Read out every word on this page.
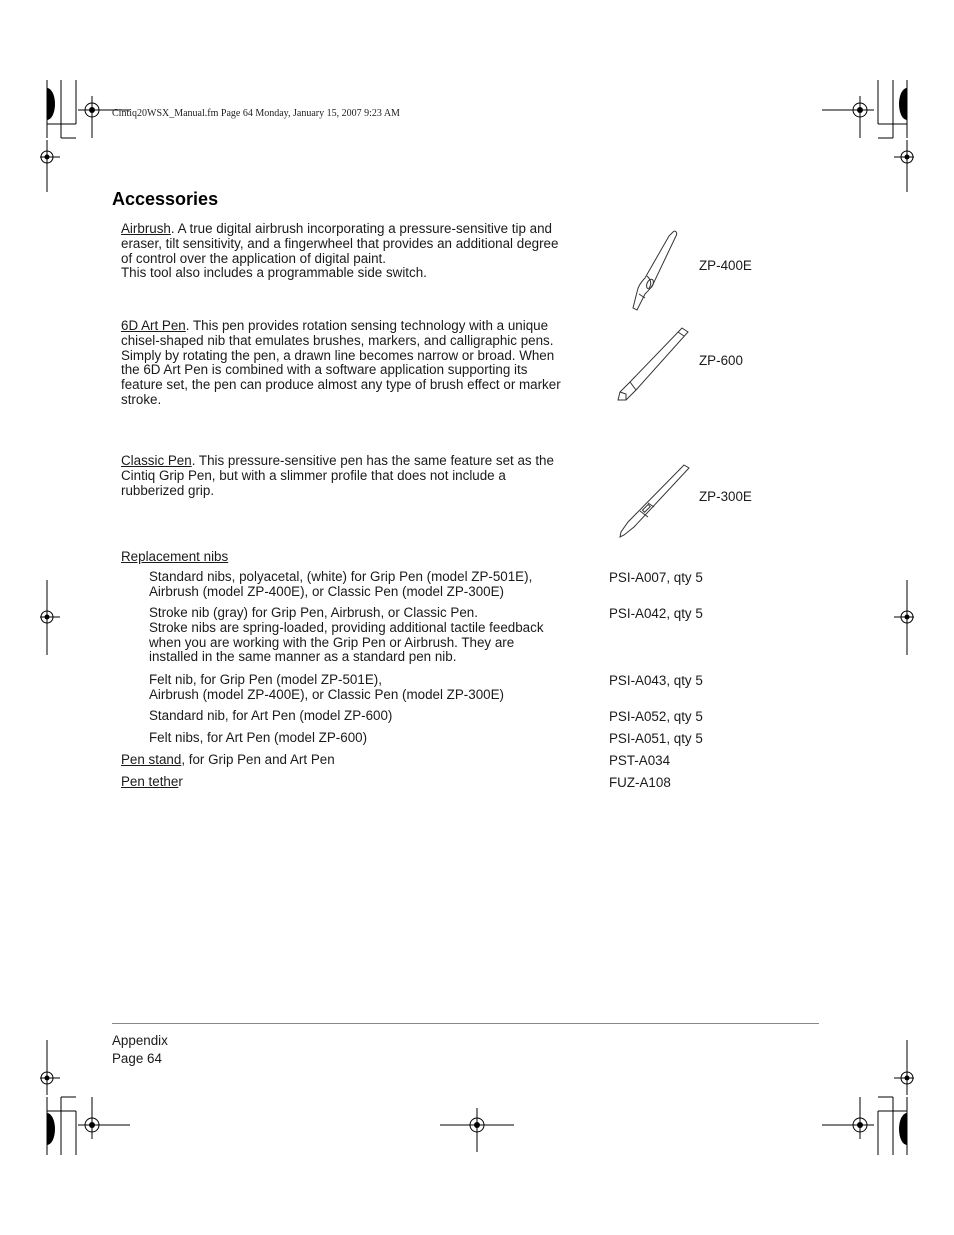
Cintiq20WSX_Manual.fm Page 64 Monday, January 15, 2007 9:23 AM
Accessories
Airbrush. A true digital airbrush incorporating a pressure-sensitive tip and eraser, tilt sensitivity, and a fingerwheel that provides an additional degree of control over the application of digital paint.
This tool also includes a programmable side switch.	ZP-400E
6D Art Pen. This pen provides rotation sensing technology with a unique chisel-shaped nib that emulates brushes, markers, and calligraphic pens. Simply by rotating the pen, a drawn line becomes narrow or broad. When the 6D Art Pen is combined with a software application supporting its feature set, the pen can produce almost any type of brush effect or marker stroke.
ZP-600
Classic Pen. This pressure-sensitive pen has the same feature set as the Cintiq Grip Pen, but with a slimmer profile that does not include a rubberized grip.	ZP-300E
Replacement nibs
Standard nibs, polyacetal, (white) for Grip Pen (model ZP-501E),
Airbrush (model ZP-400E), or Classic Pen (model ZP-300E)
PSI-A007, qty 5
Stroke nib (gray) for Grip Pen, Airbrush, or Classic Pen.
Stroke nibs are spring-loaded, providing additional tactile feedback
when you are working with the Grip Pen or Airbrush. They are
installed in the same manner as a standard pen nib.
PSI-A042, qty 5
Felt nib, for Grip Pen (model ZP-501E),
Airbrush (model ZP-400E), or Classic Pen (model ZP-300E)
PSI-A043, qty 5
Standard nib, for Art Pen (model ZP-600)	PSI-A052, qty 5
Felt nibs, for Art Pen (model ZP-600)	PSI-A051, qty 5
Pen stand, for Grip Pen and Art Pen	PST-A034
Pen tether	FUZ-A108
Appendix
Page 64
